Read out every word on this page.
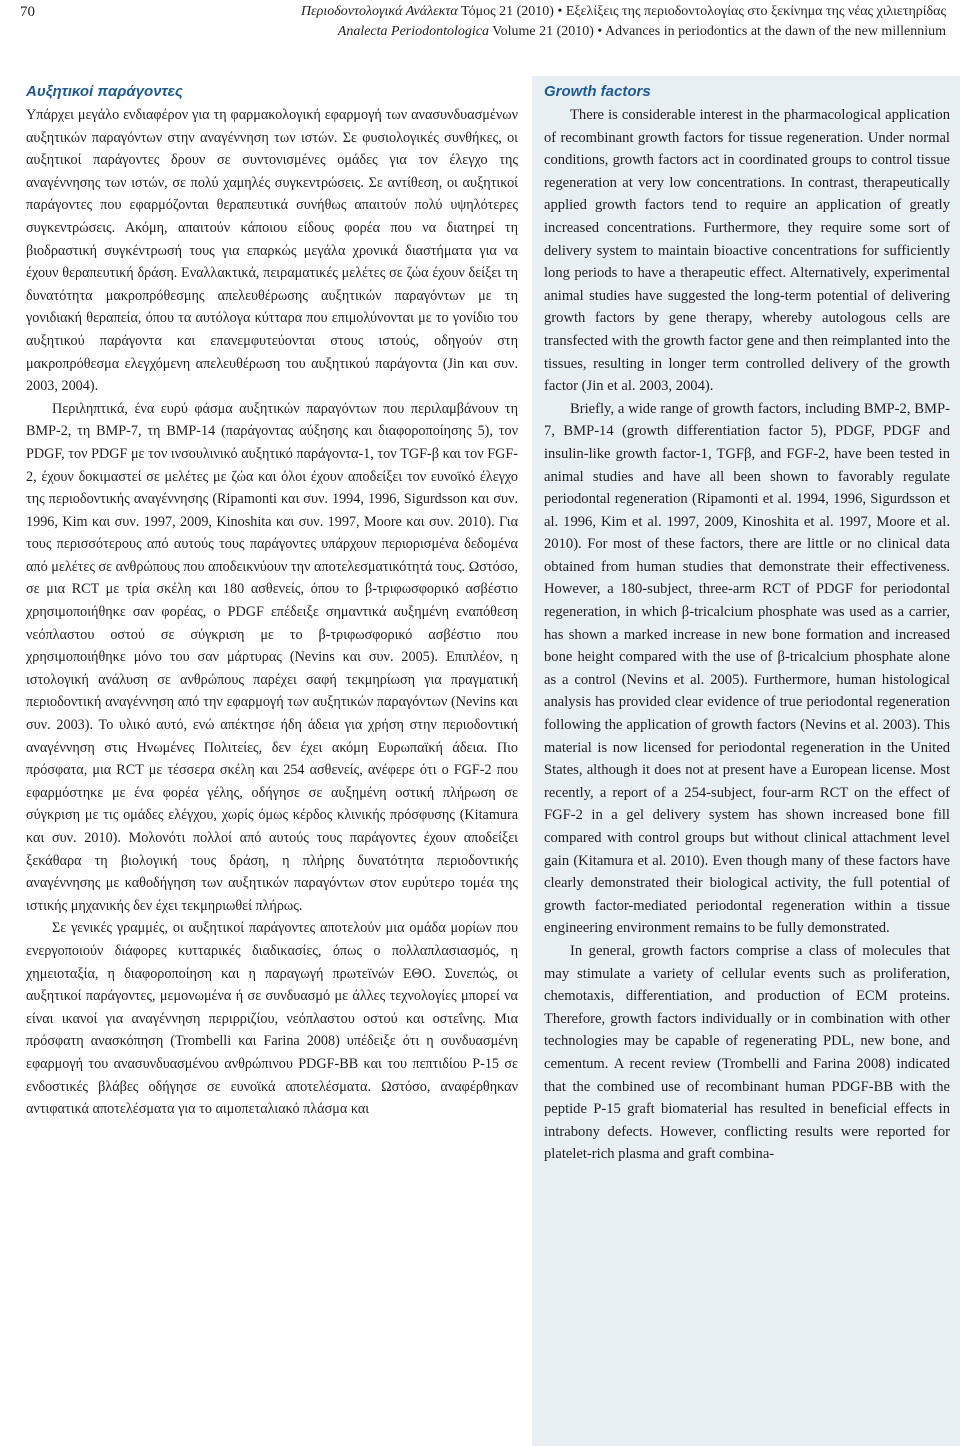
70	Περιοδοντολογικά Ανάλεκτα Τόμος 21 (2010) • Εξελίξεις της περιοδοντολογίας στο ξεκίνημα της νέας χιλιετηρίδας
Analecta Periodontologica Volume 21 (2010) • Advances in periodontics at the dawn of the new millennium
Αυξητικοί παράγοντες

Υπάρχει μεγάλο ενδιαφέρον για τη φαρμακολογική εφαρμογή των ανασυνδυασμένων αυξητικών παραγόντων στην αναγέννηση των ιστών. Σε φυσιολογικές συνθήκες, οι αυξητικοί παράγοντες δρουν σε συντονισμένες ομάδες για τον έλεγχο της αναγέννησης των ιστών, σε πολύ χαμηλές συγκεντρώσεις. Σε αντίθεση, οι αυξητικοί παράγοντες που εφαρμόζονται θεραπευτικά συνήθως απαιτούν πολύ υψηλότερες συγκεντρώσεις. Ακόμη, απαιτούν κάποιου είδους φορέα που να διατηρεί τη βιοδραστική συγκέντρωσή τους για επαρκώς μεγάλα χρονικά διαστήματα για να έχουν θεραπευτική δράση. Εναλλακτικά, πειραματικές μελέτες σε ζώα έχουν δείξει τη δυνατότητα μακροπρόθεσμης απελευθέρωσης αυξητικών παραγόντων με τη γονιδιακή θεραπεία, όπου τα αυτόλογα κύτταρα που επιμολύνονται με το γονίδιο του αυξητικού παράγοντα και επανεμφυτεύονται στους ιστούς, οδηγούν στη μακροπρόθεσμα ελεγχόμενη απελευθέρωση του αυξητικού παράγοντα (Jin και συν. 2003, 2004).

Περιληπτικά, ένα ευρύ φάσμα αυξητικών παραγόντων που περιλαμβάνουν τη BMP-2, τη BMP-7, τη BMP-14 (παράγοντας αύξησης και διαφοροποίησης 5), τον PDGF, τον PDGF με τον ινσουλινικό αυξητικό παράγοντα-1, τον TGF-β και τον FGF-2, έχουν δοκιμαστεί σε μελέτες με ζώα και όλοι έχουν αποδείξει τον ευνοϊκό έλεγχο της περιοδοντικής αναγέννησης (Ripamonti και συν. 1994, 1996, Sigurdsson και συν. 1996, Kim και συν. 1997, 2009, Kinoshita και συν. 1997, Moore και συν. 2010). Για τους περισσότερους από αυτούς τους παράγοντες υπάρχουν περιορισμένα δεδομένα από μελέτες σε ανθρώπους που αποδεικνύουν την αποτελεσματικότητά τους. Ωστόσο, σε μια RCT με τρία σκέλη και 180 ασθενείς, όπου το β-τριφωσφορικό ασβέστιο χρησιμοποιήθηκε σαν φορέας, ο PDGF επέδειξε σημαντικά αυξημένη εναπόθεση νεόπλαστου οστού σε σύγκριση με το β-τριφωσφορικό ασβέστιο που χρησιμοποιήθηκε μόνο του σαν μάρτυρας (Nevins και συν. 2005). Επιπλέον, η ιστολογική ανάλυση σε ανθρώπους παρέχει σαφή τεκμηρίωση για πραγματική περιοδοντική αναγέννηση από την εφαρμογή των αυξητικών παραγόντων (Nevins και συν. 2003). Το υλικό αυτό, ενώ απέκτησε ήδη άδεια για χρήση στην περιοδοντική αναγέννηση στις Ηνωμένες Πολιτείες, δεν έχει ακόμη Ευρωπαϊκή άδεια. Πιο πρόσφατα, μια RCT με τέσσερα σκέλη και 254 ασθενείς, ανέφερε ότι ο FGF-2 που εφαρμόστηκε με ένα φορέα γέλης, οδήγησε σε αυξημένη οστική πλήρωση σε σύγκριση με τις ομάδες ελέγχου, χωρίς όμως κέρδος κλινικής πρόσφυσης (Kitamura και συν. 2010). Μολονότι πολλοί από αυτούς τους παράγοντες έχουν αποδείξει ξεκάθαρα τη βιολογική τους δράση, η πλήρης δυνατότητα περιοδοντικής αναγέννησης με καθοδήγηση των αυξητικών παραγόντων στον ευρύτερο τομέα της ιστικής μηχανικής δεν έχει τεκμηριωθεί πλήρως.

Σε γενικές γραμμές, οι αυξητικοί παράγοντες αποτελούν μια ομάδα μορίων που ενεργοποιούν διάφορες κυτταρικές διαδικασίες, όπως ο πολλαπλασιασμός, η χημειοταξία, η διαφοροποίηση και η παραγωγή πρωτεϊνών ΕΘΟ. Συνεπώς, οι αυξητικοί παράγοντες, μεμονωμένα ή σε συνδυασμό με άλλες τεχνολογίες μπορεί να είναι ικανοί για αναγέννηση περιρριζίου, νεόπλαστου οστού και οστεΐνης. Μια πρόσφατη ανασκόπηση (Trombelli και Farina 2008) υπέδειξε ότι η συνδυασμένη εφαρμογή του ανασυνδυασμένου ανθρώπινου PDGF-BB και του πεπτιδίου P-15 σε ενδοστικές βλάβες οδήγησε σε ευνοϊκά αποτελέσματα. Ωστόσο, αναφέρθηκαν αντιφατικά αποτελέσματα για το αιμοπεταλιακό πλάσμα και

Growth factors

There is considerable interest in the pharmacological application of recombinant growth factors for tissue regeneration. Under normal conditions, growth factors act in coordinated groups to control tissue regeneration at very low concentrations. In contrast, therapeutically applied growth factors tend to require an application of greatly increased concentrations. Furthermore, they require some sort of delivery system to maintain bioactive concentrations for sufficiently long periods to have a therapeutic effect. Alternatively, experimental animal studies have suggested the long-term potential of delivering growth factors by gene therapy, whereby autologous cells are transfected with the growth factor gene and then reimplanted into the tissues, resulting in longer term controlled delivery of the growth factor (Jin et al. 2003, 2004).

Briefly, a wide range of growth factors, including BMP-2, BMP-7, BMP-14 (growth differentiation factor 5), PDGF, PDGF and insulin-like growth factor-1, TGFβ, and FGF-2, have been tested in animal studies and have all been shown to favorably regulate periodontal regeneration (Ripamonti et al. 1994, 1996, Sigurdsson et al. 1996, Kim et al. 1997, 2009, Kinoshita et al. 1997, Moore et al. 2010). For most of these factors, there are little or no clinical data obtained from human studies that demonstrate their effectiveness. However, a 180-subject, three-arm RCT of PDGF for periodontal regeneration, in which β-tricalcium phosphate was used as a carrier, has shown a marked increase in new bone formation and increased bone height compared with the use of β-tricalcium phosphate alone as a control (Nevins et al. 2005). Furthermore, human histological analysis has provided clear evidence of true periodontal regeneration following the application of growth factors (Nevins et al. 2003). This material is now licensed for periodontal regeneration in the United States, although it does not at present have a European license. Most recently, a report of a 254-subject, four-arm RCT on the effect of FGF-2 in a gel delivery system has shown increased bone fill compared with control groups but without clinical attachment level gain (Kitamura et al. 2010). Even though many of these factors have clearly demonstrated their biological activity, the full potential of growth factor-mediated periodontal regeneration within a tissue engineering environment remains to be fully demonstrated.

In general, growth factors comprise a class of molecules that may stimulate a variety of cellular events such as proliferation, chemotaxis, differentiation, and production of ECM proteins. Therefore, growth factors individually or in combination with other technologies may be capable of regenerating PDL, new bone, and cementum. A recent review (Trombelli and Farina 2008) indicated that the combined use of recombinant human PDGF-BB with the peptide P-15 graft biomaterial has resulted in beneficial effects in intrabony defects. However, conflicting results were reported for platelet-rich plasma and graft combina-
